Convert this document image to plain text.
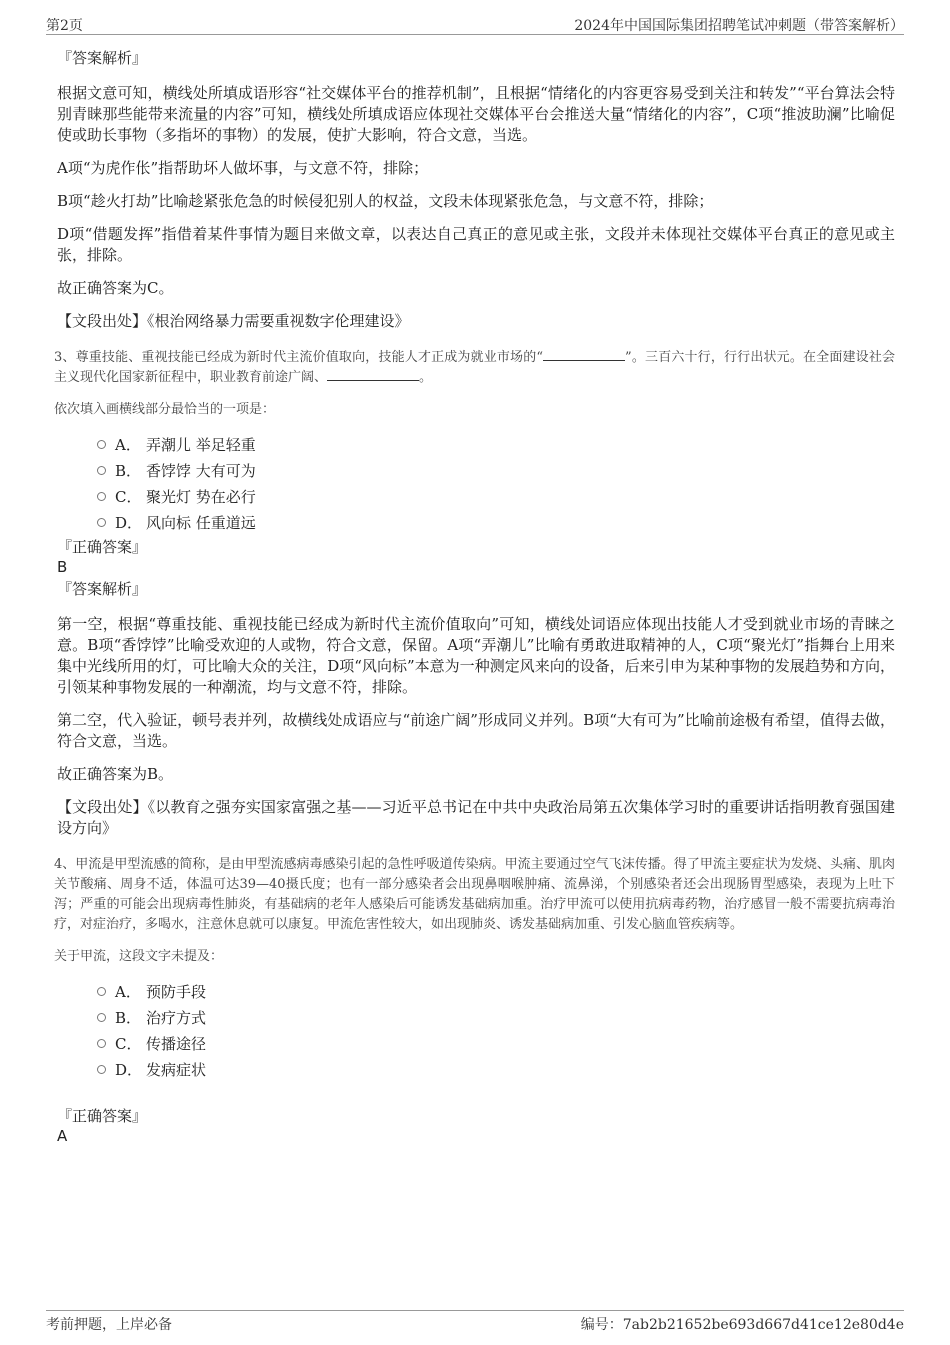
第2页	2024年中国国际集团招聘笔试冲刺题（带答案解析）
『答案解析』

根据文意可知，横线处所填成语形容“社交媒体平台的推荐机制”，且根据“情绪化的内容更容易受到关注和转发”“平台算法会特别青睐那些能带来流量的内容”可知，横线处所填成语应体现社交媒体平台会推送大量“情绪化的内容”，C项“推波助澜”比喻促使或助长事物（多指坏的事物）的发展，使扩大影响，符合文意，当选。

A项“为虎作伥”指帮助坏人做坏事，与文意不符，排除；

B项“趁火打劫”比喻趁紧张危急的时候侵犯别人的权益，文段未体现紧张危急，与文意不符，排除；

D项“借题发挥”指借着某件事情为题目来做文章，以表达自己真正的意见或主张，文段并未体现社交媒体平台真正的意见或主张，排除。

故正确答案为C。

【文段出处】《根治网络暴力需要重视数字伦理建设》

3、尊重技能、重视技能已经成为新时代主流价值取向，技能人才正成为就业市场的“	”。三百六十行，行行出状元。在全面建设社会主义现代化国家新征程中，职业教育前途广阔、	。
依次填入画横线部分最恰当的一项是：
A． 弄潮儿 举足轻重
B． 香饽饽 大有可为
C． 聚光灯 势在必行
D． 风向标 任重道远
『正确答案』
B
『答案解析』

第一空，根据“尊重技能、重视技能已经成为新时代主流价值取向”可知，横线处词语应体现出技能人才受到就业市场的青睐之意。B项“香饽饽”比喻受欢迎的人或物，符合文意，保留。A项“弄潮儿”比喻有勇敢进取精神的人，C项“聚光灯”指舞台上用来集中光线所用的灯，可比喻大众的关注，D项“风向标”本意为一种测定风来向的设备，后来引申为某种事物的发展趋势和方向，引领某种事物发展的一种潮流，均与文意不符，排除。

第二空，代入验证，顿号表并列，故横线处成语应与“前途广阔”形成同义并列。B项“大有可为”比喻前途极有希望，值得去做，符合文意，当选。

故正确答案为B。

【文段出处】《以教育之强夯实国家富强之基——习近平总书记在中共中央政治局第五次集体学习时的重要讲话指明教育强国建设方向》

4、甲流是甲型流感的简称，是由甲型流感病毒感染引起的急性呼吸道传染病。甲流主要通过空气飞沫传播。得了甲流主要症状为发烧、头痛、肌肉关节酸痛、周身不适，体温可达39—40摄氏度；也有一部分感染者会出现鼻咽喉肿痛、流鼻涕，个别感染者还会出现肠胃型感染，表现为上吐下泻；严重的可能会出现病毒性肺炎，有基础病的老年人感染后可能诱发基础病加重。治疗甲流可以使用抗病毒药物，治疗感冒一般不需要抗病毒治疗，对症治疗，多喝水，注意休息就可以康复。甲流危害性较大，如出现肺炎、诱发基础病加重、引发心脑血管疾病等。
关于甲流，这段文字未提及：
A． 预防手段
B． 治疗方式
C． 传播途径
D． 发病症状
『正确答案』
A
考前押题，上岸必备	编号：7ab2b21652be693d667d41ce12e80d4e
